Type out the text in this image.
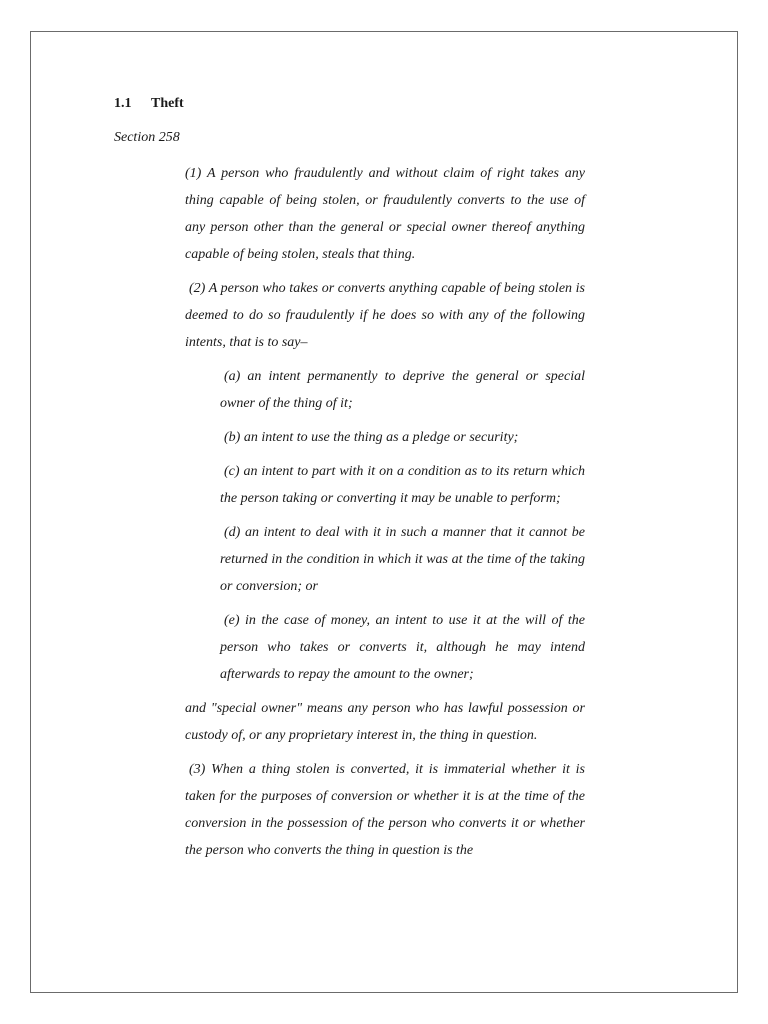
1.1 Theft
Section 258

(1) A person who fraudulently and without claim of right takes any thing capable of being stolen, or fraudulently converts to the use of any person other than the general or special owner thereof anything capable of being stolen, steals that thing.

(2) A person who takes or converts anything capable of being stolen is deemed to do so fraudulently if he does so with any of the following intents, that is to say–

(a) an intent permanently to deprive the general or special owner of the thing of it;

(b) an intent to use the thing as a pledge or security;

(c) an intent to part with it on a condition as to its return which the person taking or converting it may be unable to perform;

(d) an intent to deal with it in such a manner that it cannot be returned in the condition in which it was at the time of the taking or conversion; or

(e) in the case of money, an intent to use it at the will of the person who takes or converts it, although he may intend afterwards to repay the amount to the owner;

and "special owner" means any person who has lawful possession or custody of, or any proprietary interest in, the thing in question.

(3) When a thing stolen is converted, it is immaterial whether it is taken for the purposes of conversion or whether it is at the time of the conversion in the possession of the person who converts it or whether the person who converts the thing in question is the
